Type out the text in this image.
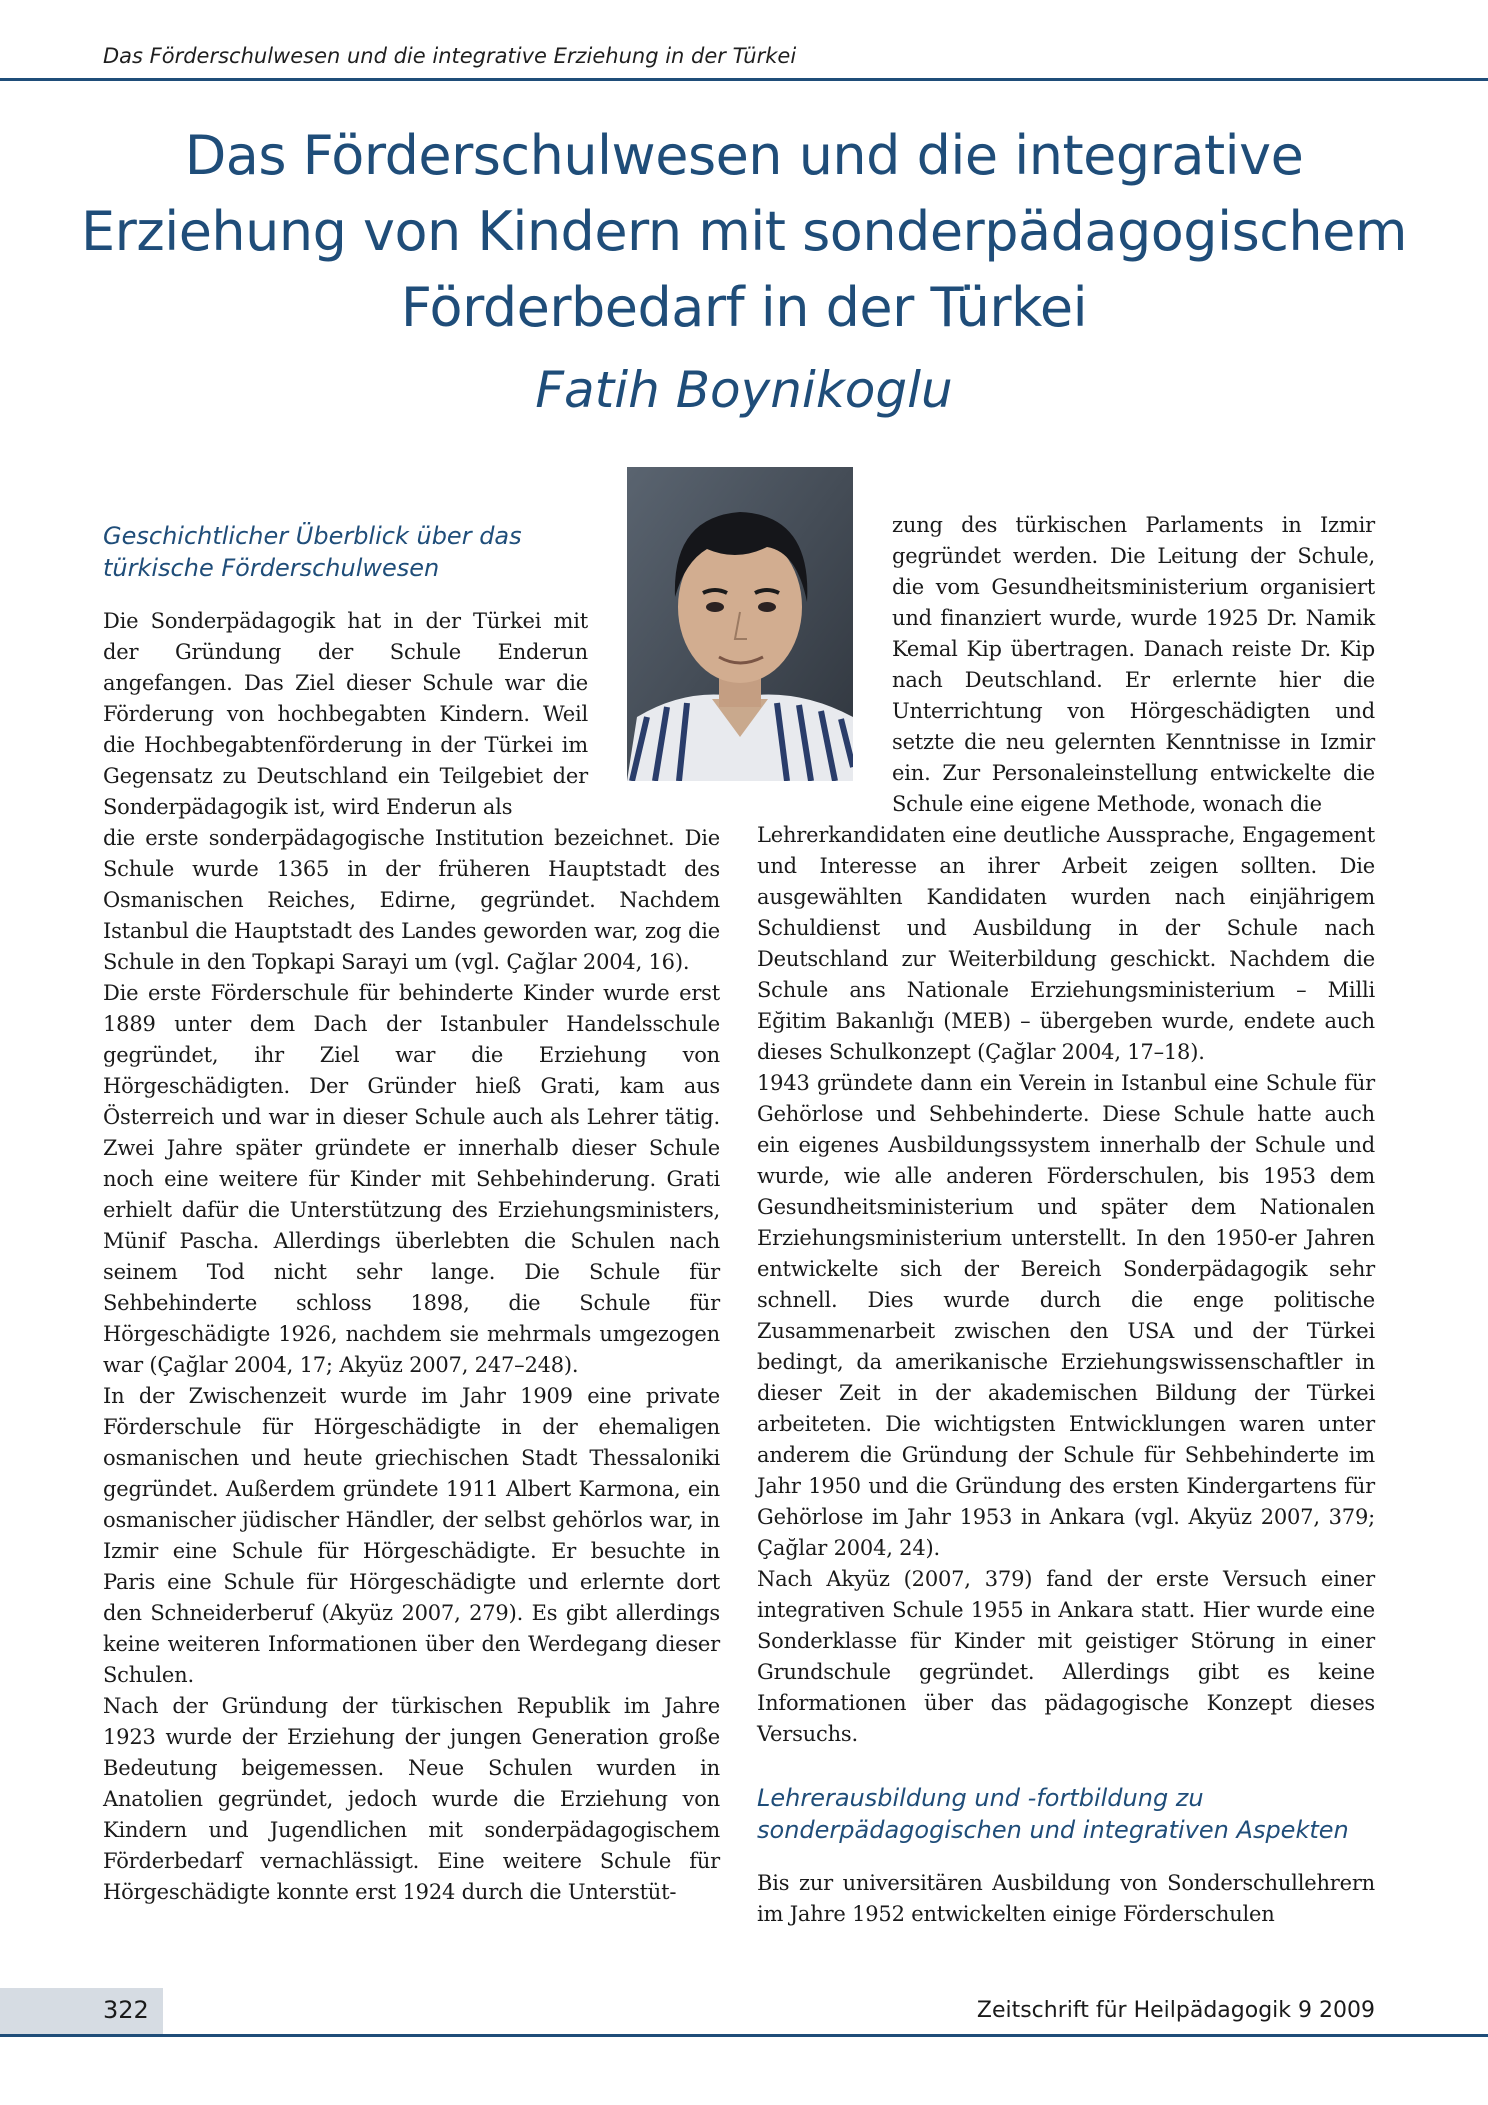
Das Förderschulwesen und die integrative Erziehung in der Türkei
Das Förderschulwesen und die integrative
Erziehung von Kindern mit sonderpädagogischem
Förderbedarf in der Türkei
Fatih Boynikoglu

Geschichtlicher Überblick über das türkische Förderschulwesen

Die Sonderpädagogik hat in der Türkei mit der Gründung der Schule Enderun angefangen. Das Ziel dieser Schule war die Förderung von hochbegabten Kindern. Weil die Hochbegabtenförderung in der Türkei im Gegensatz zu Deutschland ein Teilgebiet der Sonderpädagogik ist, wird Enderun als

die erste sonderpädagogische Institution bezeichnet. Die Schule wurde 1365 in der früheren Hauptstadt des Osmanischen Reiches, Edirne, gegründet. Nachdem Istanbul die Hauptstadt des Landes geworden war, zog die Schule in den Topkapi Sarayi um (vgl. Çağlar 2004, 16).

Die erste Förderschule für behinderte Kinder wurde erst 1889 unter dem Dach der Istanbuler Handelsschule gegründet, ihr Ziel war die Erziehung von Hörgeschädigten. Der Gründer hieß Grati, kam aus Österreich und war in dieser Schule auch als Lehrer tätig. Zwei Jahre später gründete er innerhalb dieser Schule noch eine weitere für Kinder mit Sehbehinderung. Grati erhielt dafür die Unterstützung des Erziehungsministers, Münif Pascha. Allerdings überlebten die Schulen nach seinem Tod nicht sehr lange. Die Schule für Sehbehinderte schloss 1898, die Schule für Hörgeschädigte 1926, nachdem sie mehrmals umgezogen war (Çağlar 2004, 17; Akyüz 2007, 247–248).

In der Zwischenzeit wurde im Jahr 1909 eine private Förderschule für Hörgeschädigte in der ehemaligen osmanischen und heute griechischen Stadt Thessaloniki gegründet. Außerdem gründete 1911 Albert Karmona, ein osmanischer jüdischer Händler, der selbst gehörlos war, in Izmir eine Schule für Hörgeschädigte. Er besuchte in Paris eine Schule für Hörgeschädigte und erlernte dort den Schneiderberuf (Akyüz 2007, 279). Es gibt allerdings keine weiteren Informationen über den Werdegang dieser Schulen.

Nach der Gründung der türkischen Republik im Jahre 1923 wurde der Erziehung der jungen Generation große Bedeutung beigemessen. Neue Schulen wurden in Anatolien gegründet, jedoch wurde die Erziehung von Kindern und Jugendlichen mit sonderpädagogischem Förderbedarf vernachlässigt. Eine weitere Schule für Hörgeschädigte konnte erst 1924 durch die Unterstüt-

zung des türkischen Parlaments in Izmir gegründet werden. Die Leitung der Schule, die vom Gesundheitsministerium organisiert und finanziert wurde, wurde 1925 Dr. Namik Kemal Kip übertragen. Danach reiste Dr. Kip nach Deutschland. Er erlernte hier die Unterrichtung von Hörgeschädigten und setzte die neu gelernten Kenntnisse in Izmir ein. Zur Personaleinstellung entwickelte die Schule eine eigene Methode, wonach die

Lehrerkandidaten eine deutliche Aussprache, Engagement und Interesse an ihrer Arbeit zeigen sollten. Die ausgewählten Kandidaten wurden nach einjährigem Schuldienst und Ausbildung in der Schule nach Deutschland zur Weiterbildung geschickt. Nachdem die Schule ans Nationale Erziehungsministerium – Milli Eğitim Bakanlığı (MEB) – übergeben wurde, endete auch dieses Schulkonzept (Çağlar 2004, 17–18).

1943 gründete dann ein Verein in Istanbul eine Schule für Gehörlose und Sehbehinderte. Diese Schule hatte auch ein eigenes Ausbildungssystem innerhalb der Schule und wurde, wie alle anderen Förderschulen, bis 1953 dem Gesundheitsministerium und später dem Nationalen Erziehungsministerium unterstellt. In den 1950-er Jahren entwickelte sich der Bereich Sonderpädagogik sehr schnell. Dies wurde durch die enge politische Zusammenarbeit zwischen den USA und der Türkei bedingt, da amerikanische Erziehungswissenschaftler in dieser Zeit in der akademischen Bildung der Türkei arbeiteten. Die wichtigsten Entwicklungen waren unter anderem die Gründung der Schule für Sehbehinderte im Jahr 1950 und die Gründung des ersten Kindergartens für Gehörlose im Jahr 1953 in Ankara (vgl. Akyüz 2007, 379; Çağlar 2004, 24).

Nach Akyüz (2007, 379) fand der erste Versuch einer integrativen Schule 1955 in Ankara statt. Hier wurde eine Sonderklasse für Kinder mit geistiger Störung in einer Grundschule gegründet. Allerdings gibt es keine Informationen über das pädagogische Konzept dieses Versuchs.

Lehrerausbildung und -fortbildung zu sonderpädagogischen und integrativen Aspekten

Bis zur universitären Ausbildung von Sonderschullehrern im Jahre 1952 entwickelten einige Förderschulen

322	Zeitschrift für Heilpädagogik 9 2009
